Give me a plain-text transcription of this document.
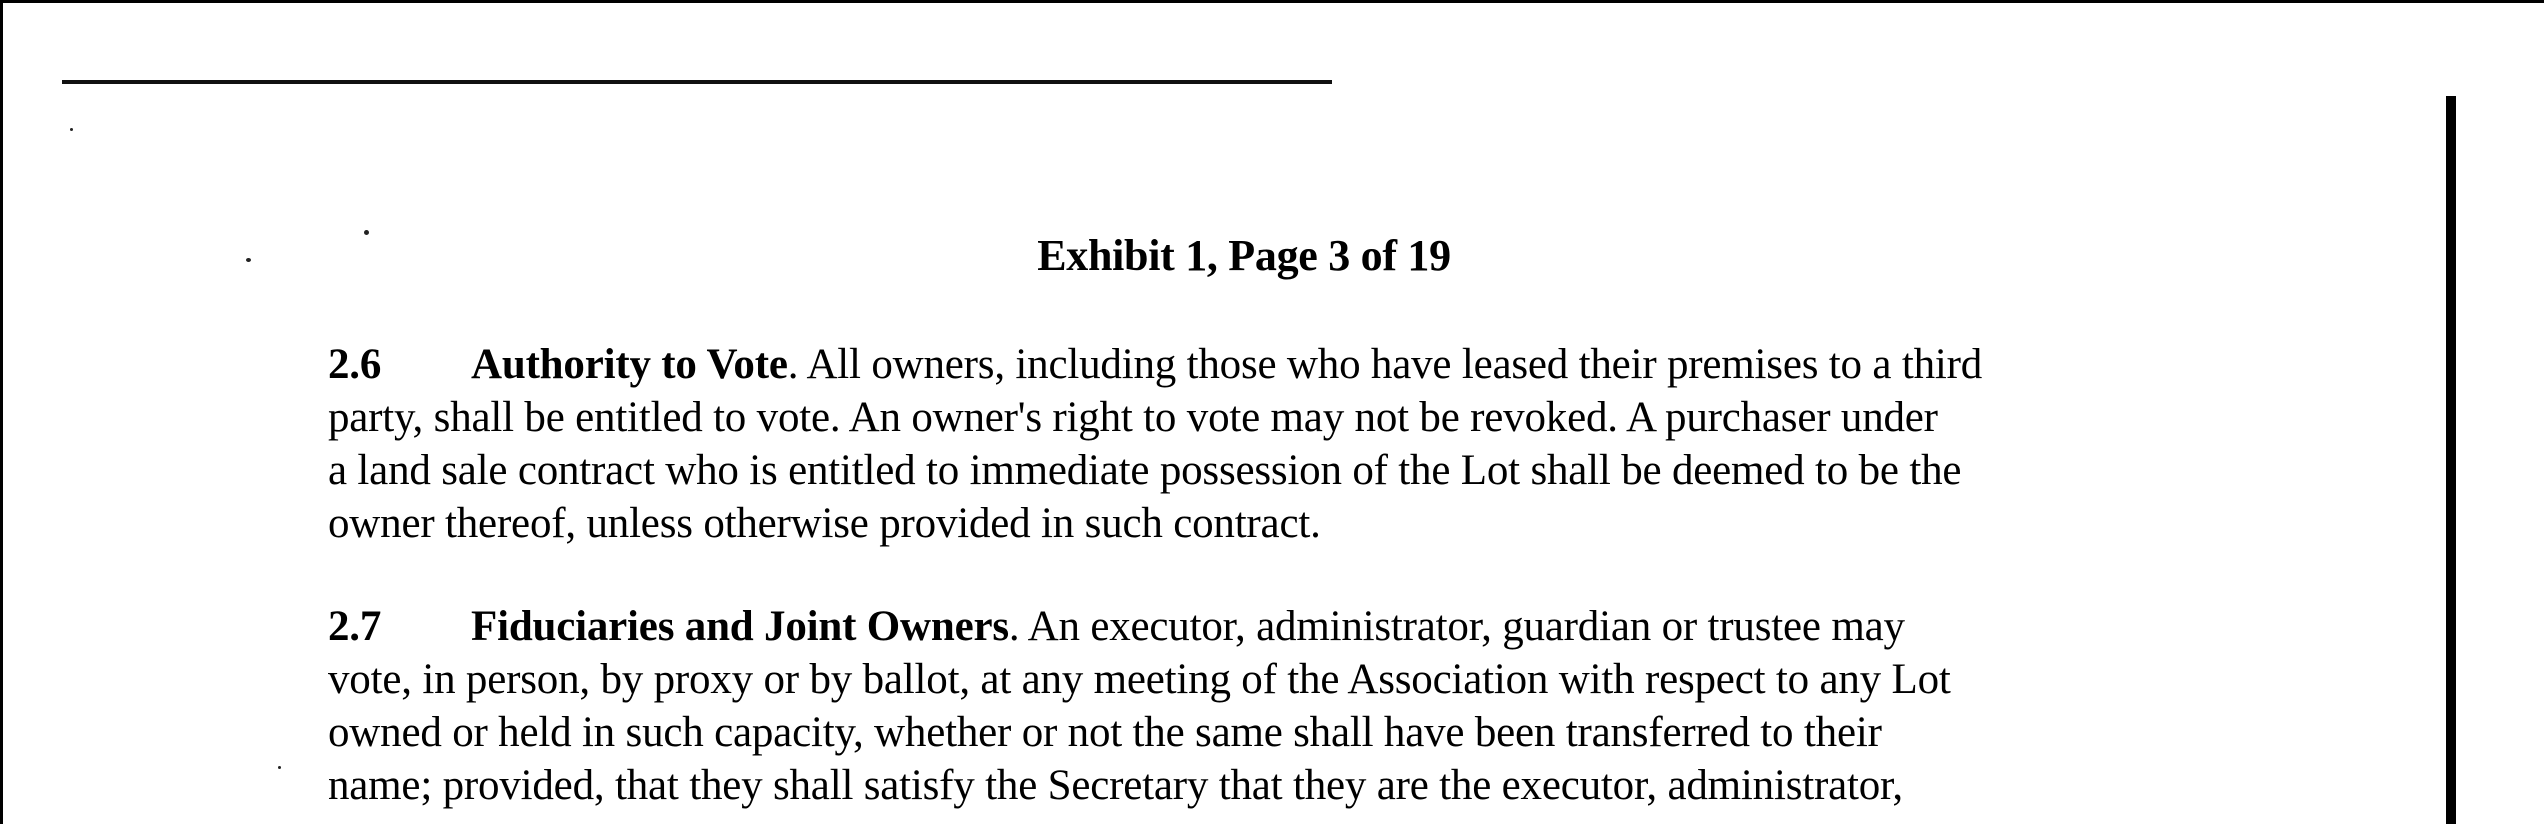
Exhibit 1, Page 3 of 19
2.6 Authority to Vote. All owners, including those who have leased their premises to a third
party, shall be entitled to vote. An owner's right to vote may not be revoked. A purchaser under
a land sale contract who is entitled to immediate possession of the Lot shall be deemed to be the
owner thereof, unless otherwise provided in such contract.
2.7 Fiduciaries and Joint Owners. An executor, administrator, guardian or trustee may
vote, in person, by proxy or by ballot, at any meeting of the Association with respect to any Lot
owned or held in such capacity, whether or not the same shall have been transferred to their
name; provided, that they shall satisfy the Secretary that they are the executor, administrator,
